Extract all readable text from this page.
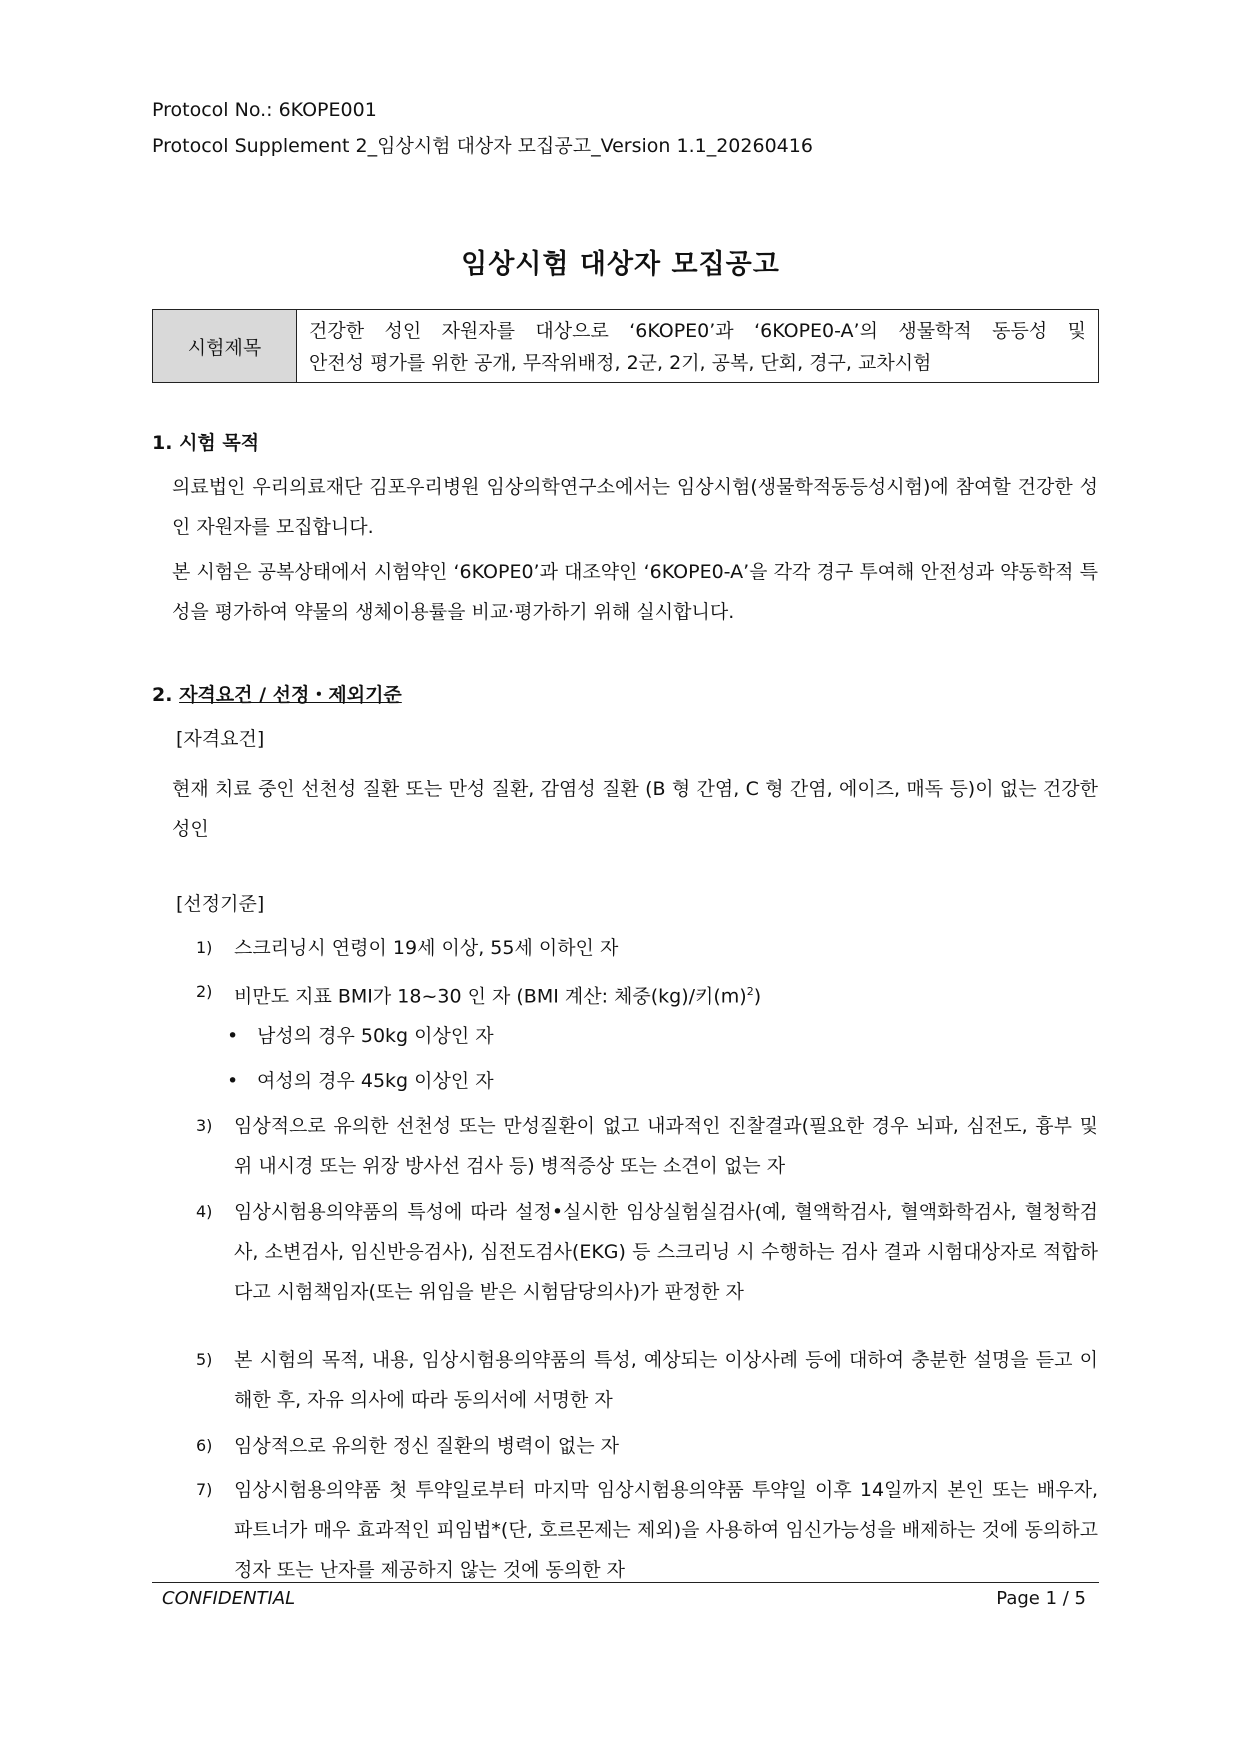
Protocol No.: 6KOPE001
Protocol Supplement 2_임상시험 대상자 모집공고_Version 1.1_20260416
임상시험 대상자 모집공고
시험제목
건강한 성인 자원자를 대상으로 ‘6KOPE0’과 ‘6KOPE0-A’의 생물학적 동등성 및
안전성 평가를 위한 공개, 무작위배정, 2군, 2기, 공복, 단회, 경구, 교차시험
1. 시험 목적
의료법인 우리의료재단 김포우리병원 임상의학연구소에서는 임상시험(생물학적동등성시험)에 참여할 건강한 성인 자원자를 모집합니다.
본 시험은 공복상태에서 시험약인 ‘6KOPE0’과 대조약인 ‘6KOPE0-A’을 각각 경구 투여해 안전성과 약동학적 특성을 평가하여 약물의 생체이용률을 비교·평가하기 위해 실시합니다.
2. 자격요건 / 선정・제외기준
[자격요건]
현재 치료 중인 선천성 질환 또는 만성 질환, 감염성 질환 (B 형 간염, C 형 간염, 에이즈, 매독 등)이 없는 건강한 성인
[선정기준]
1)	스크리닝시 연령이 19세 이상, 55세 이하인 자
2)	비만도 지표 BMI가 18~30 인 자 (BMI 계산: 체중(kg)/키$(m)^2$)
• 남성의 경우 50kg 이상인 자
• 여성의 경우 45kg 이상인 자
3)	임상적으로 유의한 선천성 또는 만성질환이 없고 내과적인 진찰결과(필요한 경우 뇌파, 심전도, 흉부 및 위 내시경 또는 위장 방사선 검사 등) 병적증상 또는 소견이 없는 자
4)	임상시험용의약품의 특성에 따라 설정•실시한 임상실험실검사(예, 혈액학검사, 혈액화학검사, 혈청학검사, 소변검사, 임신반응검사), 심전도검사(EKG) 등 스크리닝 시 수행하는 검사 결과 시험대상자로 적합하다고 시험책임자(또는 위임을 받은 시험담당의사)가 판정한 자
5)	본 시험의 목적, 내용, 임상시험용의약품의 특성, 예상되는 이상사례 등에 대하여 충분한 설명을 듣고 이해한 후, 자유 의사에 따라 동의서에 서명한 자
6)	임상적으로 유의한 정신 질환의 병력이 없는 자
7)	임상시험용의약품 첫 투약일로부터 마지막 임상시험용의약품 투약일 이후 14일까지 본인 또는 배우자, 파트너가 매우 효과적인 피임법*(단, 호르몬제는 제외)을 사용하여 임신가능성을 배제하는 것에 동의하고 정자 또는 난자를 제공하지 않는 것에 동의한 자
CONFIDENTIAL	Page 1 / 5
